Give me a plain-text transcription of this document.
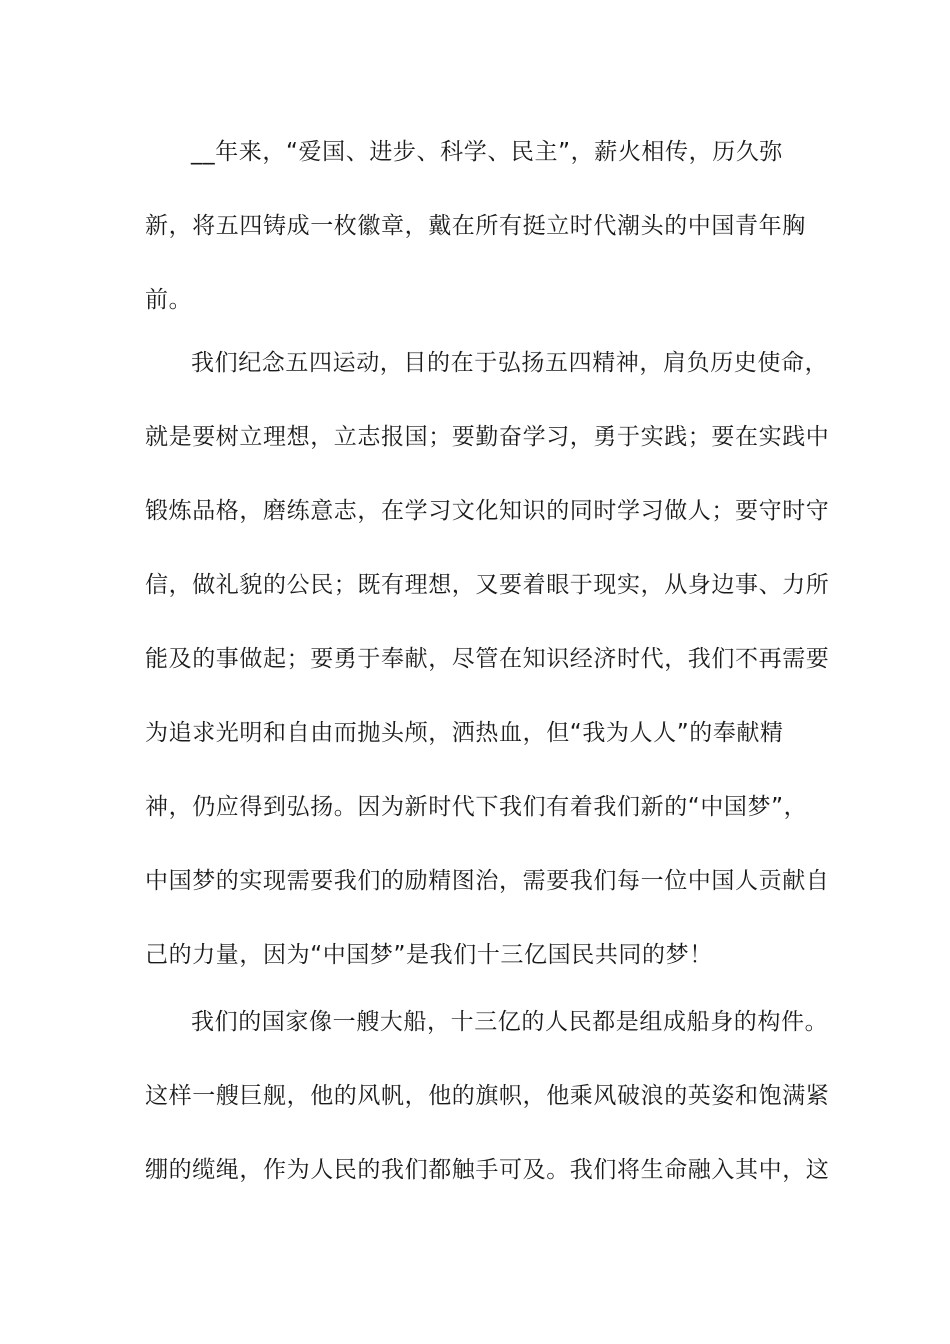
__年来，“爱国、进步、科学、民主”，薪火相传，历久弥
新，将五四铸成一枚徽章，戴在所有挺立时代潮头的中国青年胸
前。
我们纪念五四运动，目的在于弘扬五四精神，肩负历史使命，
就是要树立理想，立志报国；要勤奋学习，勇于实践；要在实践中
锻炼品格，磨练意志，在学习文化知识的同时学习做人；要守时守
信，做礼貌的公民；既有理想，又要着眼于现实，从身边事、力所
能及的事做起；要勇于奉献，尽管在知识经济时代，我们不再需要
为追求光明和自由而抛头颅，洒热血，但“我为人人”的奉献精
神，仍应得到弘扬。因为新时代下我们有着我们新的“中国梦”，
中国梦的实现需要我们的励精图治，需要我们每一位中国人贡献自
己的力量，因为“中国梦”是我们十三亿国民共同的梦！
我们的国家像一艘大船，十三亿的人民都是组成船身的构件。
这样一艘巨舰，他的风帆，他的旗帜，他乘风破浪的英姿和饱满紧
绷的缆绳，作为人民的我们都触手可及。我们将生命融入其中，这
